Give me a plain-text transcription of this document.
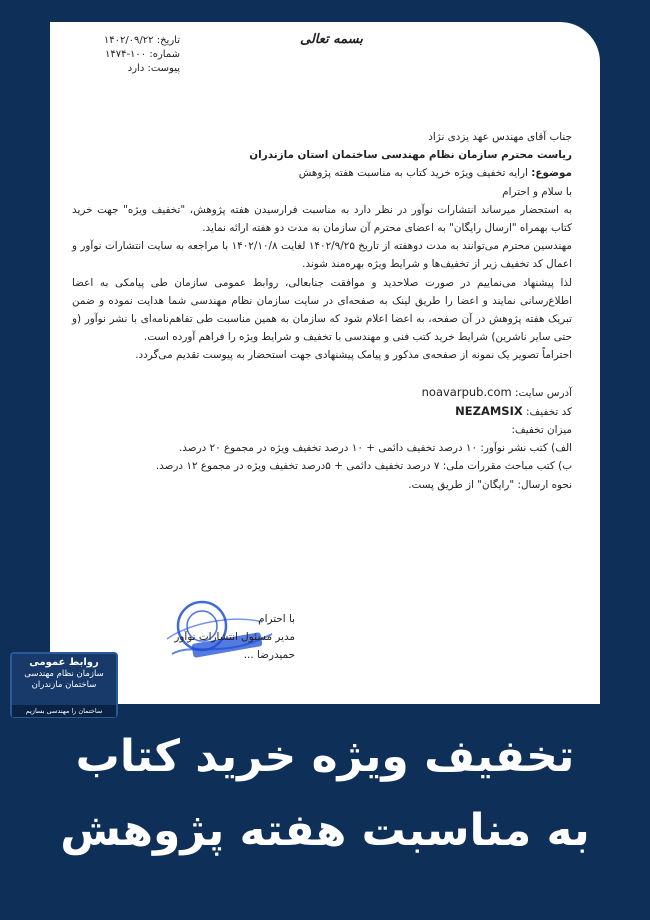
بسمه تعالی
تاریخ: ۱۴۰۲/۰۹/۲۲
شماره: ۱۰۰-۱۴۷۴
پیوست: دارد

جناب آقای مهندس عهد یزدی نژاد

ریاست محترم سازمان نظام مهندسی ساختمان استان مازندران

موضوع: ارایه تخفیف ویژه خرید کتاب به مناسبت هفته پژوهش

با سلام و احترام

به استحضار میرساند انتشارات نوآور در نظر دارد به مناسبت فرارسیدن هفته پژوهش، "تخفیف ویژه" جهت خرید کتاب بهمراه "ارسال رایگان" به اعضای محترم آن سازمان به مدت دو هفته ارائه نماید.

مهندسین محترم می‌توانند به مدت دوهفته از تاریخ ۱۴۰۲/۹/۲۵ لغایت ۱۴۰۲/۱۰/۸ با مراجعه به سایت انتشارات نوآور و اعمال کد تخفیف زیر از تخفیف‌ها و شرایط ویژه بهره‌مند شوند.

لذا پیشنهاد می‌نماییم در صورت صلاحدید و موافقت جنابعالی، روابط عمومی سازمان طی پیامکی به اعضا اطلاع‌رسانی نمایند و اعضا را طریق لینک به صفحه‌ای در سایت سازمان نظام مهندسی شما هدایت نموده و ضمن تبریک هفته پژوهش در آن صفحه، به اعضا اعلام شود که سازمان به همین مناسبت طی تفاهم‌نامه‌ای با نشر نوآور (و حتی سایر ناشرین) شرایط خرید کتب فنی و مهندسی با تخفیف و شرایط ویژه را فراهم آورده است.

احتراماً تصویر یک نمونه از صفحه‌ی مذکور و پیامک پیشنهادی جهت استحضار به پیوست تقدیم می‌گردد.

آدرس سایت: noavarpub.com

کد تخفیف: NEZAMSIX

میزان تخفیف:

الف) کتب نشر نوآور: ۱۰ درصد تخفیف دائمی + ۱۰ درصد تخفیف ویژه در مجموع ۲۰ درصد.

ب) کتب مباحث مقررات ملی: ۷ درصد تخفیف دائمی + ۵درصد تخفیف ویژه در مجموع ۱۲ درصد.

نحوه ارسال: "رایگان" از طریق پست.

با احترام
مدیر مسئول انتشارات نوآور
حمیدرضا ...
روابط عمومی
سازمان نظام مهندسی
ساختمان مازندران
ساختمان را مهندسی بسازیم
تخفیف ویژه خرید کتاب
به مناسبت هفته پژوهش
